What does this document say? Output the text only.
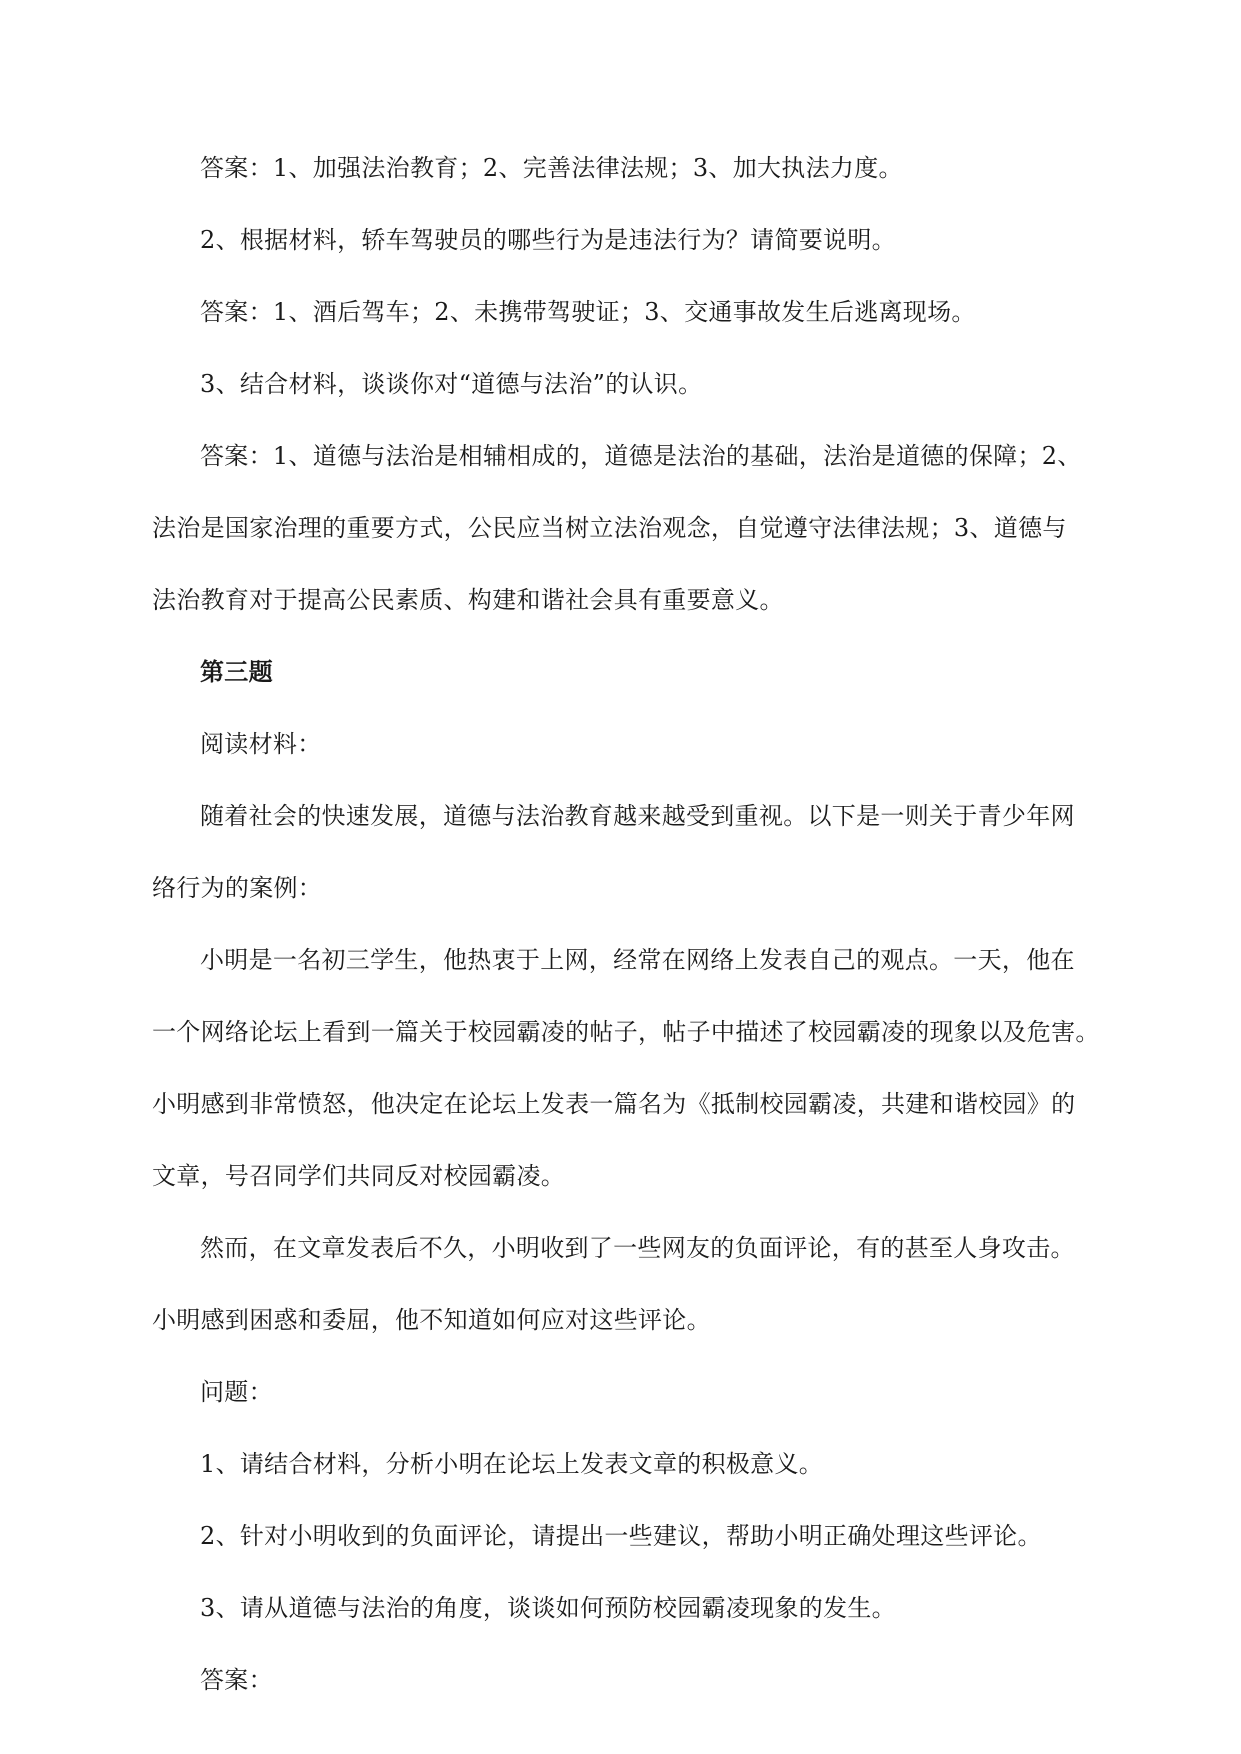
答案：1、加强法治教育；2、完善法律法规；3、加大执法力度。
2、根据材料，轿车驾驶员的哪些行为是违法行为？请简要说明。
答案：1、酒后驾车；2、未携带驾驶证；3、交通事故发生后逃离现场。
3、结合材料，谈谈你对“道德与法治”的认识。
答案：1、道德与法治是相辅相成的，道德是法治的基础，法治是道德的保障；2、
法治是国家治理的重要方式，公民应当树立法治观念，自觉遵守法律法规；3、道德与
法治教育对于提高公民素质、构建和谐社会具有重要意义。
第三题
阅读材料：
随着社会的快速发展，道德与法治教育越来越受到重视。以下是一则关于青少年网
络行为的案例：
小明是一名初三学生，他热衷于上网，经常在网络上发表自己的观点。一天，他在
一个网络论坛上看到一篇关于校园霸凌的帖子，帖子中描述了校园霸凌的现象以及危害。
小明感到非常愤怒，他决定在论坛上发表一篇名为《抵制校园霸凌，共建和谐校园》的
文章，号召同学们共同反对校园霸凌。
然而，在文章发表后不久，小明收到了一些网友的负面评论，有的甚至人身攻击。
小明感到困惑和委屈，他不知道如何应对这些评论。
问题：
1、请结合材料，分析小明在论坛上发表文章的积极意义。
2、针对小明收到的负面评论，请提出一些建议，帮助小明正确处理这些评论。
3、请从道德与法治的角度，谈谈如何预防校园霸凌现象的发生。
答案：
